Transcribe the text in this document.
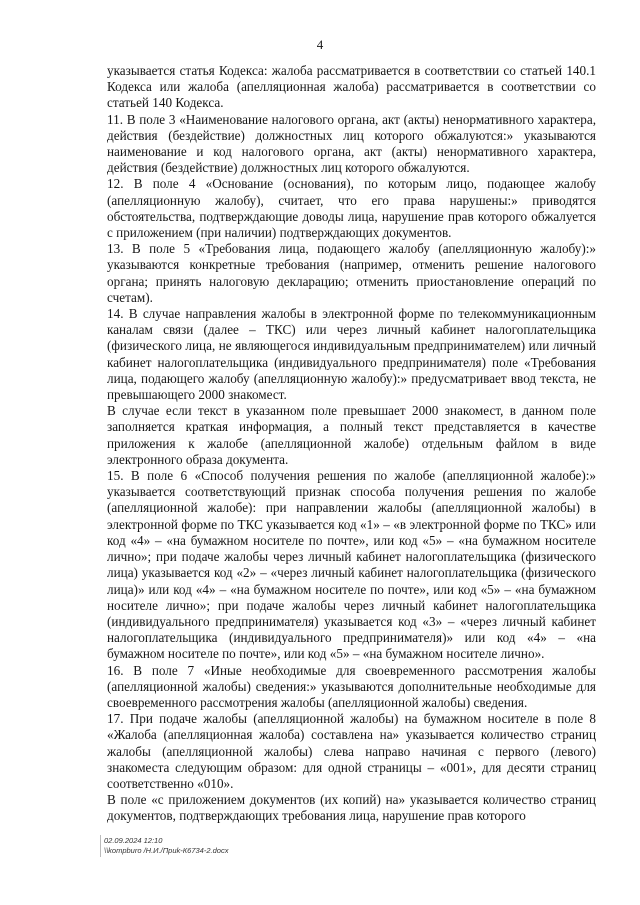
4

указывается статья Кодекса: жалоба рассматривается в соответствии со статьей 140.1 Кодекса или жалоба (апелляционная жалоба) рассматривается в соответствии со статьей 140 Кодекса.

11. В поле 3 «Наименование налогового органа, акт (акты) ненормативного характера, действия (бездействие) должностных лиц которого обжалуются:» указываются наименование и код налогового органа, акт (акты) ненормативного характера, действия (бездействие) должностных лиц которого обжалуются.

12. В поле 4 «Основание (основания), по которым лицо, подающее жалобу (апелляционную жалобу), считает, что его права нарушены:» приводятся обстоятельства, подтверждающие доводы лица, нарушение прав которого обжалуется с приложением (при наличии) подтверждающих документов.

13. В поле 5 «Требования лица, подающего жалобу (апелляционную жалобу):» указываются конкретные требования (например, отменить решение налогового органа; принять налоговую декларацию; отменить приостановление операций по счетам).

14. В случае направления жалобы в электронной форме по телекоммуникационным каналам связи (далее – ТКС) или через личный кабинет налогоплательщика (физического лица, не являющегося индивидуальным предпринимателем) или личный кабинет налогоплательщика (индивидуального предпринимателя) поле «Требования лица, подающего жалобу (апелляционную жалобу):» предусматривает ввод текста, не превышающего 2000 знакомест.

В случае если текст в указанном поле превышает 2000 знакомест, в данном поле заполняется краткая информация, а полный текст представляется в качестве приложения к жалобе (апелляционной жалобе) отдельным файлом в виде электронного образа документа.

15. В поле 6 «Способ получения решения по жалобе (апелляционной жалобе):» указывается соответствующий признак способа получения решения по жалобе (апелляционной жалобе): при направлении жалобы (апелляционной жалобы) в электронной форме по ТКС указывается код «1» – «в электронной форме по ТКС» или код «4» – «на бумажном носителе по почте», или код «5» – «на бумажном носителе лично»; при подаче жалобы через личный кабинет налогоплательщика (физического лица) указывается код «2» – «через личный кабинет налогоплательщика (физического лица)» или код «4» – «на бумажном носителе по почте», или код «5» – «на бумажном носителе лично»; при подаче жалобы через личный кабинет налогоплательщика (индивидуального предпринимателя) указывается код «3» – «через личный кабинет налогоплательщика (индивидуального предпринимателя)» или код «4» – «на бумажном носителе по почте», или код «5» – «на бумажном носителе лично».

16. В поле 7 «Иные необходимые для своевременного рассмотрения жалобы (апелляционной жалобы) сведения:» указываются дополнительные необходимые для своевременного рассмотрения жалобы (апелляционной жалобы) сведения.

17. При подаче жалобы (апелляционной жалобы) на бумажном носителе в поле 8 «Жалоба (апелляционная жалоба) составлена на» указывается количество страниц жалобы (апелляционной жалобы) слева направо начиная с первого (левого) знакоместа следующим образом: для одной страницы – «001», для десяти страниц соответственно «010».

В поле «с приложением документов (их копий) на» указывается количество страниц документов, подтверждающих требования лица, нарушение прав которого

02.09.2024 12:10
\\kompburo /Н.И./Приk-К6734-2.docx
